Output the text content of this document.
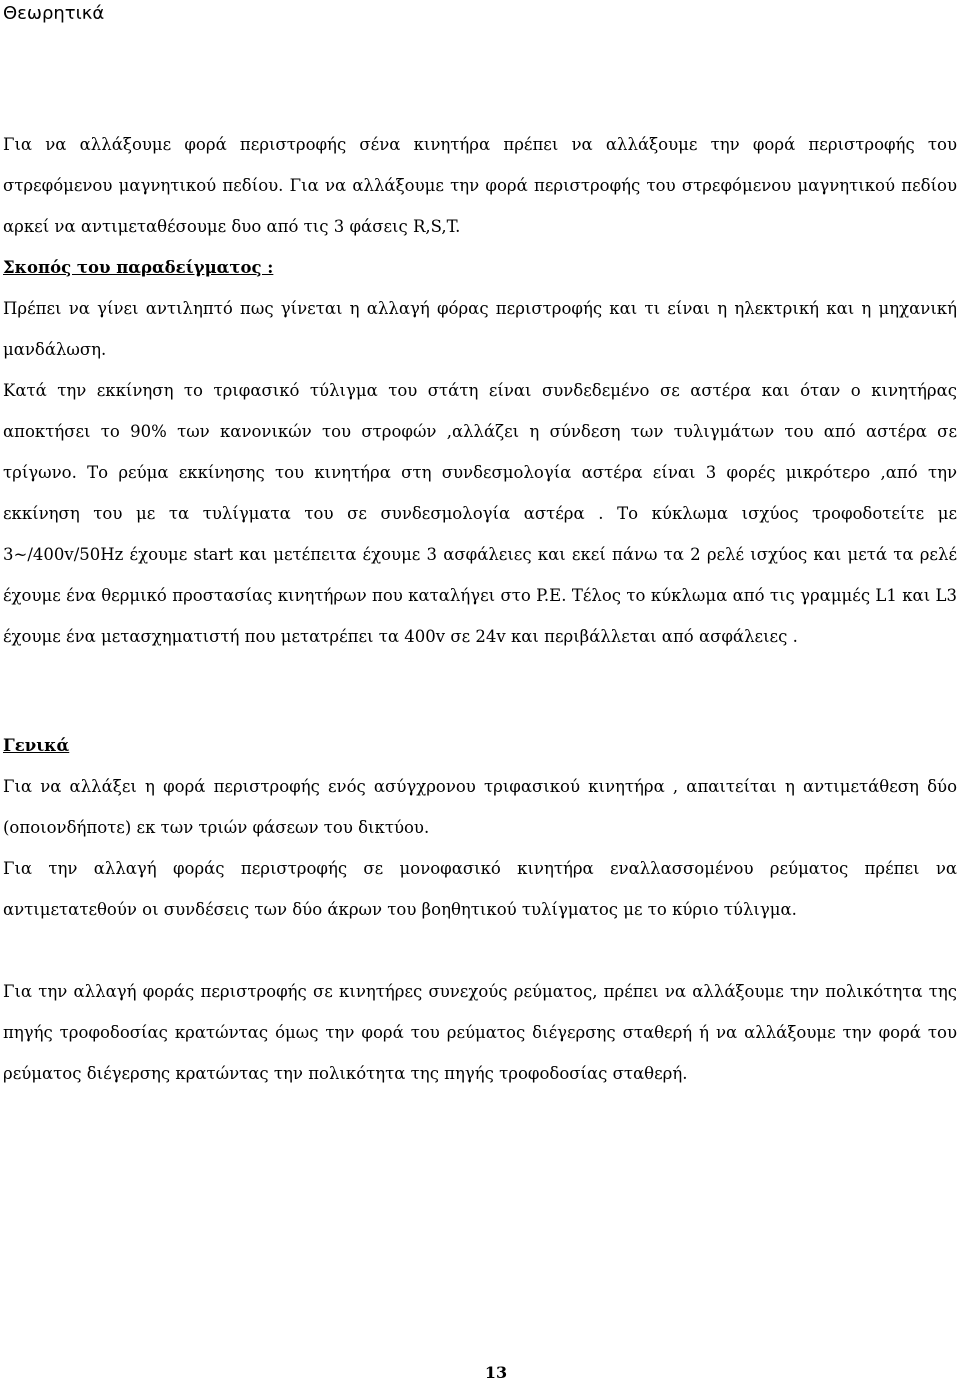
Θεωρητικά

Για να αλλάξουμε φορά περιστροφής σένα κινητήρα πρέπει να αλλάξουμε την φορά περιστροφής του στρεφόμενου μαγνητικού πεδίου. Για να αλλάξουμε την φορά περιστροφής του στρεφόμενου μαγνητικού πεδίου αρκεί να αντιμεταθέσουμε δυο από τις 3 φάσεις R,S,T.

Σκοπός του παραδείγματος :

Πρέπει να γίνει αντιληπτό πως γίνεται η αλλαγή φόρας περιστροφής και τι είναι η ηλεκτρική και η μηχανική μανδάλωση.

Κατά την εκκίνηση το τριφασικό τύλιγμα του στάτη είναι συνδεδεμένο σε αστέρα και όταν ο κινητήρας αποκτήσει το 90% των κανονικών του στροφών ,αλλάζει η σύνδεση των τυλιγμάτων του από αστέρα σε τρίγωνο. Το ρεύμα εκκίνησης του κινητήρα στη συνδεσμολογία αστέρα είναι 3 φορές μικρότερο ,από την εκκίνηση του με τα τυλίγματα του σε συνδεσμολογία αστέρα . Το κύκλωμα ισχύος τροφοδοτείτε με 3~/400v/50Hz έχουμε start και μετέπειτα έχουμε 3 ασφάλειες και εκεί πάνω τα 2 ρελέ ισχύος και μετά τα ρελέ έχουμε ένα θερμικό προστασίας κινητήρων που καταλήγει στο P.E. Τέλος το κύκλωμα από τις γραμμές L1 και L3 έχουμε ένα μετασχηματιστή που μετατρέπει τα 400v σε 24v και περιβάλλεται από ασφάλειες .

Γενικά

Για να αλλάξει η φορά περιστροφής ενός ασύγχρονου τριφασικού κινητήρα , απαιτείται η αντιμετάθεση δύο (οποιονδήποτε) εκ των τριών φάσεων του δικτύου.

Για την αλλαγή φοράς περιστροφής σε μονοφασικό κινητήρα εναλλασσομένου ρεύματος πρέπει να αντιμετατεθούν οι συνδέσεις των δύο άκρων του βοηθητικού τυλίγματος με το κύριο τύλιγμα.

Για την αλλαγή φοράς περιστροφής σε κινητήρες συνεχούς ρεύματος, πρέπει να αλλάξουμε την πολικότητα της πηγής τροφοδοσίας κρατώντας όμως την φορά του ρεύματος διέγερσης σταθερή ή να αλλάξουμε την φορά του ρεύματος διέγερσης κρατώντας την πολικότητα της πηγής τροφοδοσίας σταθερή.

13
